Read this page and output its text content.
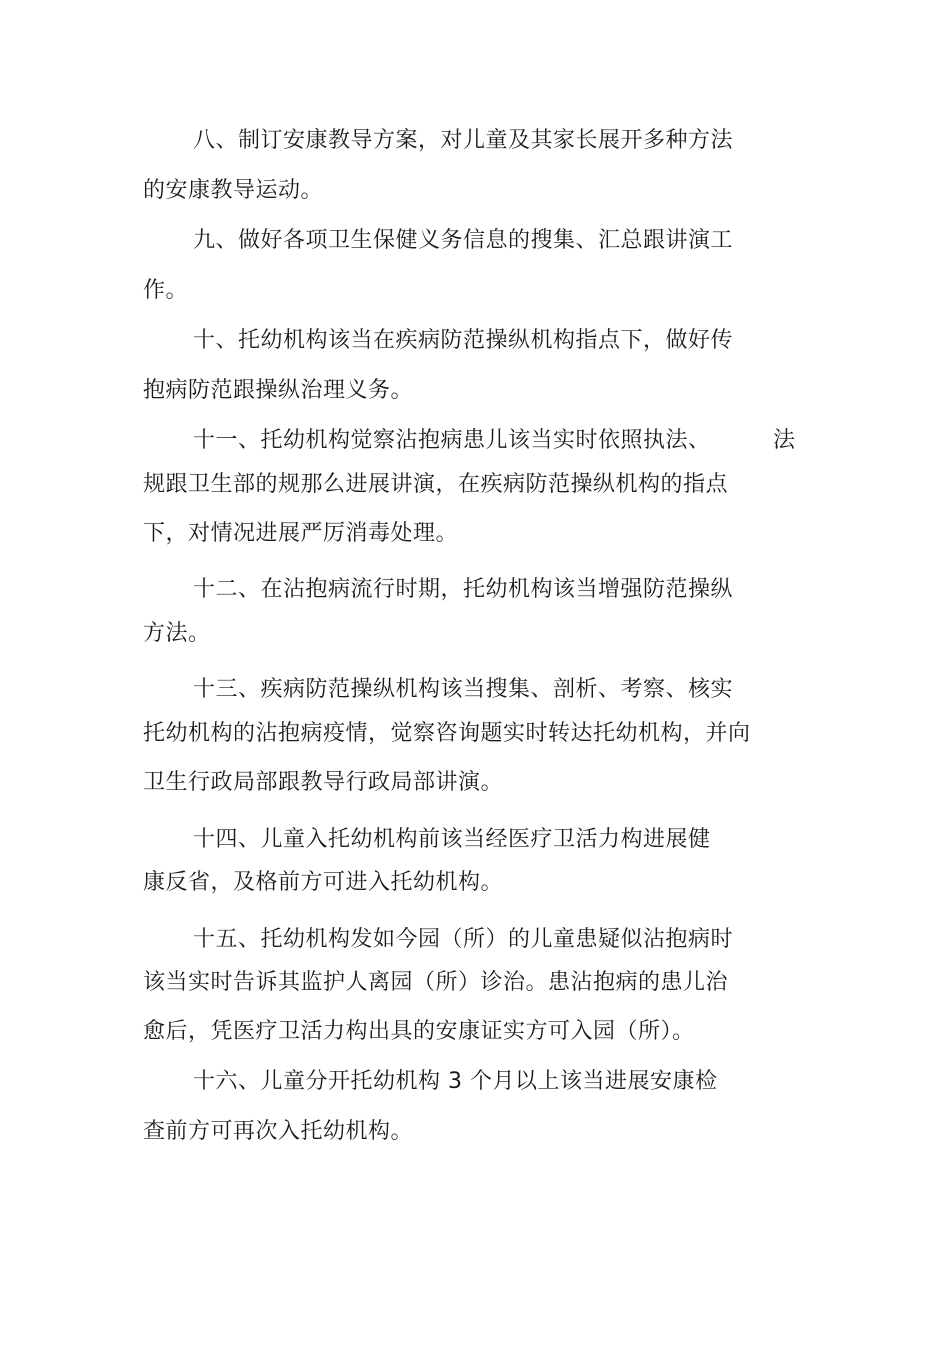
八、制订安康教导方案，对儿童及其家长展开多种方法
的安康教导运动。
九、做好各项卫生保健义务信息的搜集、汇总跟讲演工
作。
十、托幼机构该当在疾病防范操纵机构指点下，做好传
抱病防范跟操纵治理义务。
十一、托幼机构觉察沾抱病患儿该当实时依照执法、	法
规跟卫生部的规那么进展讲演，在疾病防范操纵机构的指点
下，对情况进展严厉消毒处理。
十二、在沾抱病流行时期，托幼机构该当增强防范操纵
方法。
十三、疾病防范操纵机构该当搜集、剖析、考察、核实
托幼机构的沾抱病疫情，觉察咨询题实时转达托幼机构，并向
卫生行政局部跟教导行政局部讲演。
十四、儿童入托幼机构前该当经医疗卫活力构进展健
康反省，及格前方可进入托幼机构。
十五、托幼机构发如今园（所）的儿童患疑似沾抱病时
该当实时告诉其监护人离园（所）诊治。患沾抱病的患儿治
愈后，凭医疗卫活力构出具的安康证实方可入园（所）。
十六、儿童分开托幼机构 3 个月以上该当进展安康检
查前方可再次入托幼机构。
